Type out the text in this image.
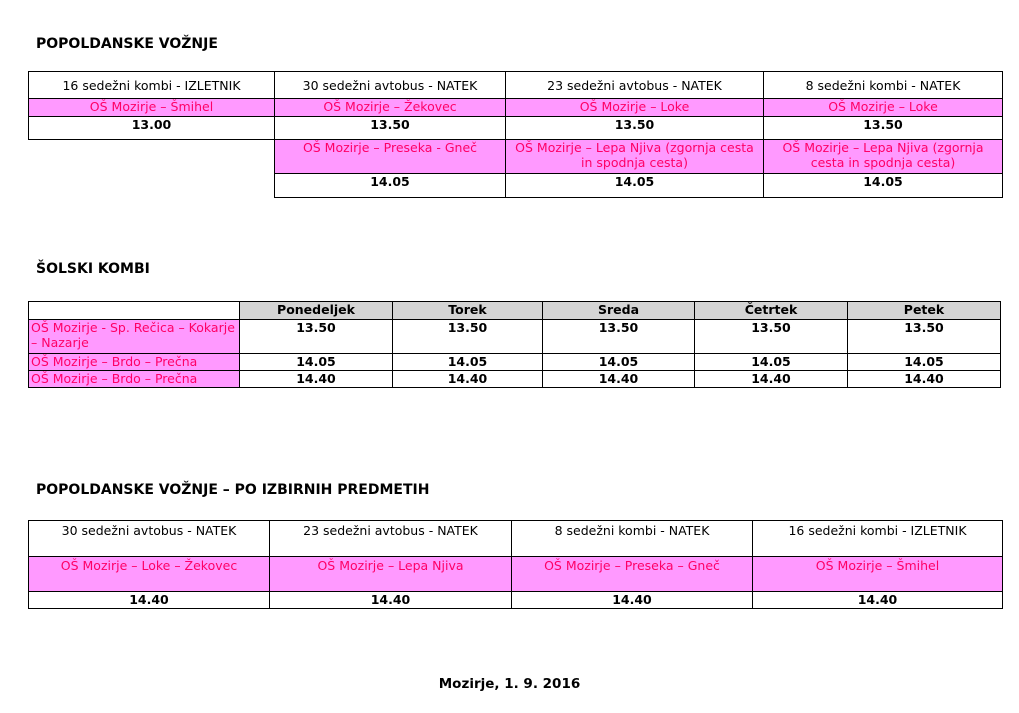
POPOLDANSKE VOŽNJE
16 sedežni kombi - IZLETNIK	30 sedežni avtobus - NATEK	23 sedežni avtobus - NATEK	8 sedežni kombi - NATEK
OŠ Mozirje – Šmihel	OŠ Mozirje – Žekovec	OŠ Mozirje – Loke	OŠ Mozirje – Loke
13.00	13.50	13.50	13.50
	OŠ Mozirje – Preseka - Gneč	OŠ Mozirje – Lepa Njiva (zgornja cesta in spodnja cesta)	OŠ Mozirje – Lepa Njiva (zgornja cesta in spodnja cesta)
	14.05	14.05	14.05
ŠOLSKI KOMBI
	Ponedeljek	Torek	Sreda	Četrtek	Petek
OŠ Mozirje - Sp. Rečica – Kokarje – Nazarje	13.50	13.50	13.50	13.50	13.50
OŠ Mozirje – Brdo – Prečna	14.05	14.05	14.05	14.05	14.05
OŠ Mozirje – Brdo – Prečna	14.40	14.40	14.40	14.40	14.40
POPOLDANSKE VOŽNJE – PO IZBIRNIH PREDMETIH
30 sedežni avtobus - NATEK	23 sedežni avtobus - NATEK	8 sedežni kombi - NATEK	16 sedežni kombi - IZLETNIK
OŠ Mozirje – Loke – Žekovec	OŠ Mozirje – Lepa Njiva	OŠ Mozirje – Preseka – Gneč	OŠ Mozirje – Šmihel
14.40	14.40	14.40	14.40
Mozirje, 1. 9. 2016
